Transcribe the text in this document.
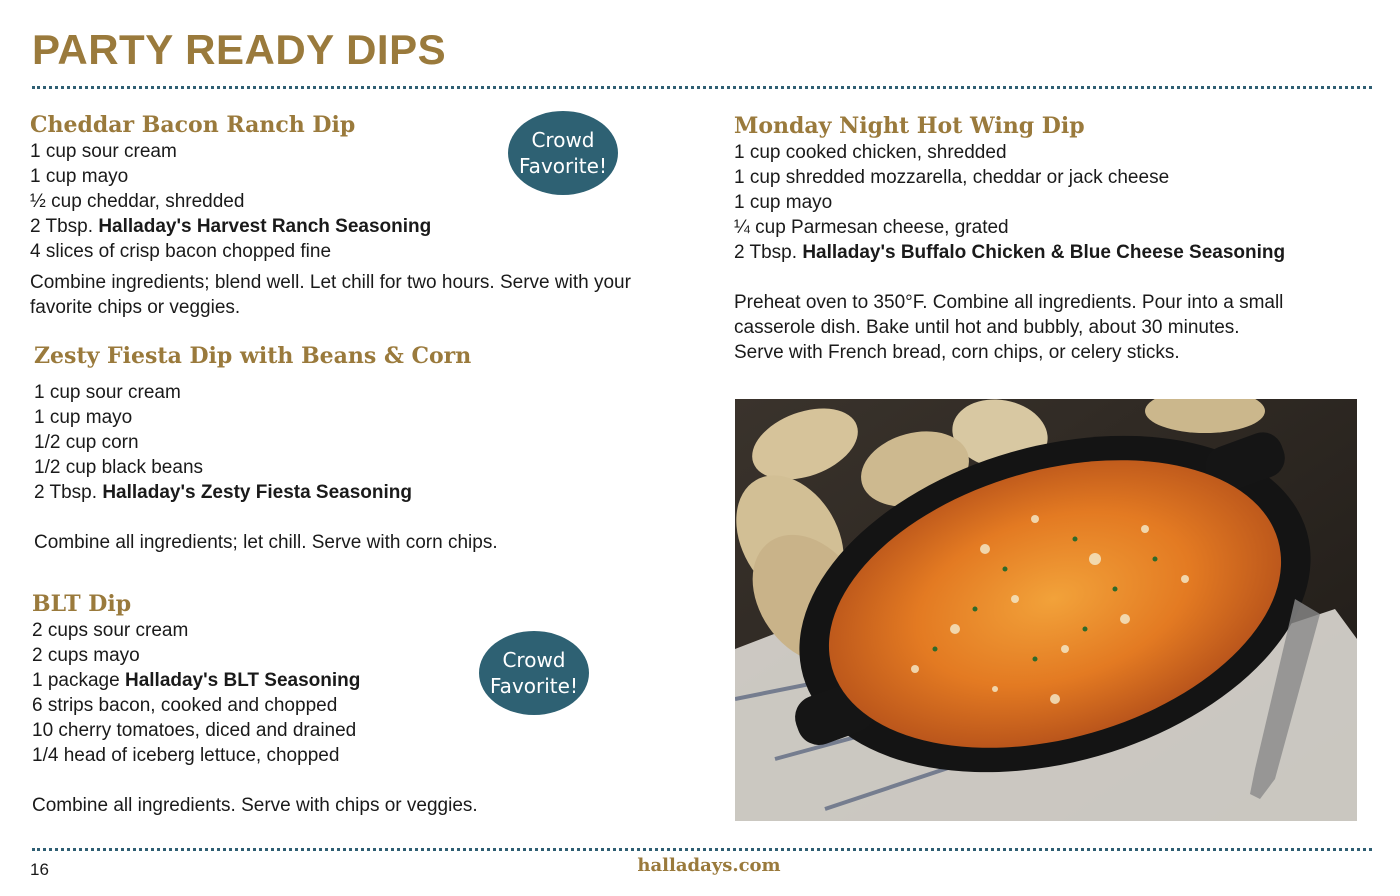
PARTY READY DIPS
Cheddar Bacon Ranch Dip
1 cup sour cream
1 cup mayo
½ cup cheddar, shredded
2 Tbsp. Halladay's Harvest Ranch Seasoning
4 slices of crisp bacon chopped fine

Combine ingredients; blend well. Let chill for two hours. Serve with your favorite chips or veggies.

Crowd
Favorite!
Zesty Fiesta Dip with Beans & Corn
1 cup sour cream
1 cup mayo
1/2 cup corn
1/2 cup black beans
2 Tbsp. Halladay's Zesty Fiesta Seasoning

Combine all ingredients; let chill. Serve with corn chips.

BLT Dip
2 cups sour cream
2 cups mayo
1 package Halladay's BLT Seasoning
6 strips bacon, cooked and chopped
10 cherry tomatoes, diced and drained
1/4 head of iceberg lettuce, chopped

Combine all ingredients. Serve with chips or veggies.

Crowd
Favorite!
Monday Night Hot Wing Dip
1 cup cooked chicken, shredded
1 cup shredded mozzarella, cheddar or jack cheese
1 cup mayo
¼ cup Parmesan cheese, grated
2 Tbsp. Halladay's Buffalo Chicken & Blue Cheese Seasoning

Preheat oven to 350°F. Combine all ingredients. Pour into a small

casserole dish. Bake until hot and bubbly, about 30 minutes.

Serve with French bread, corn chips, or celery sticks.

16	halladays.com
